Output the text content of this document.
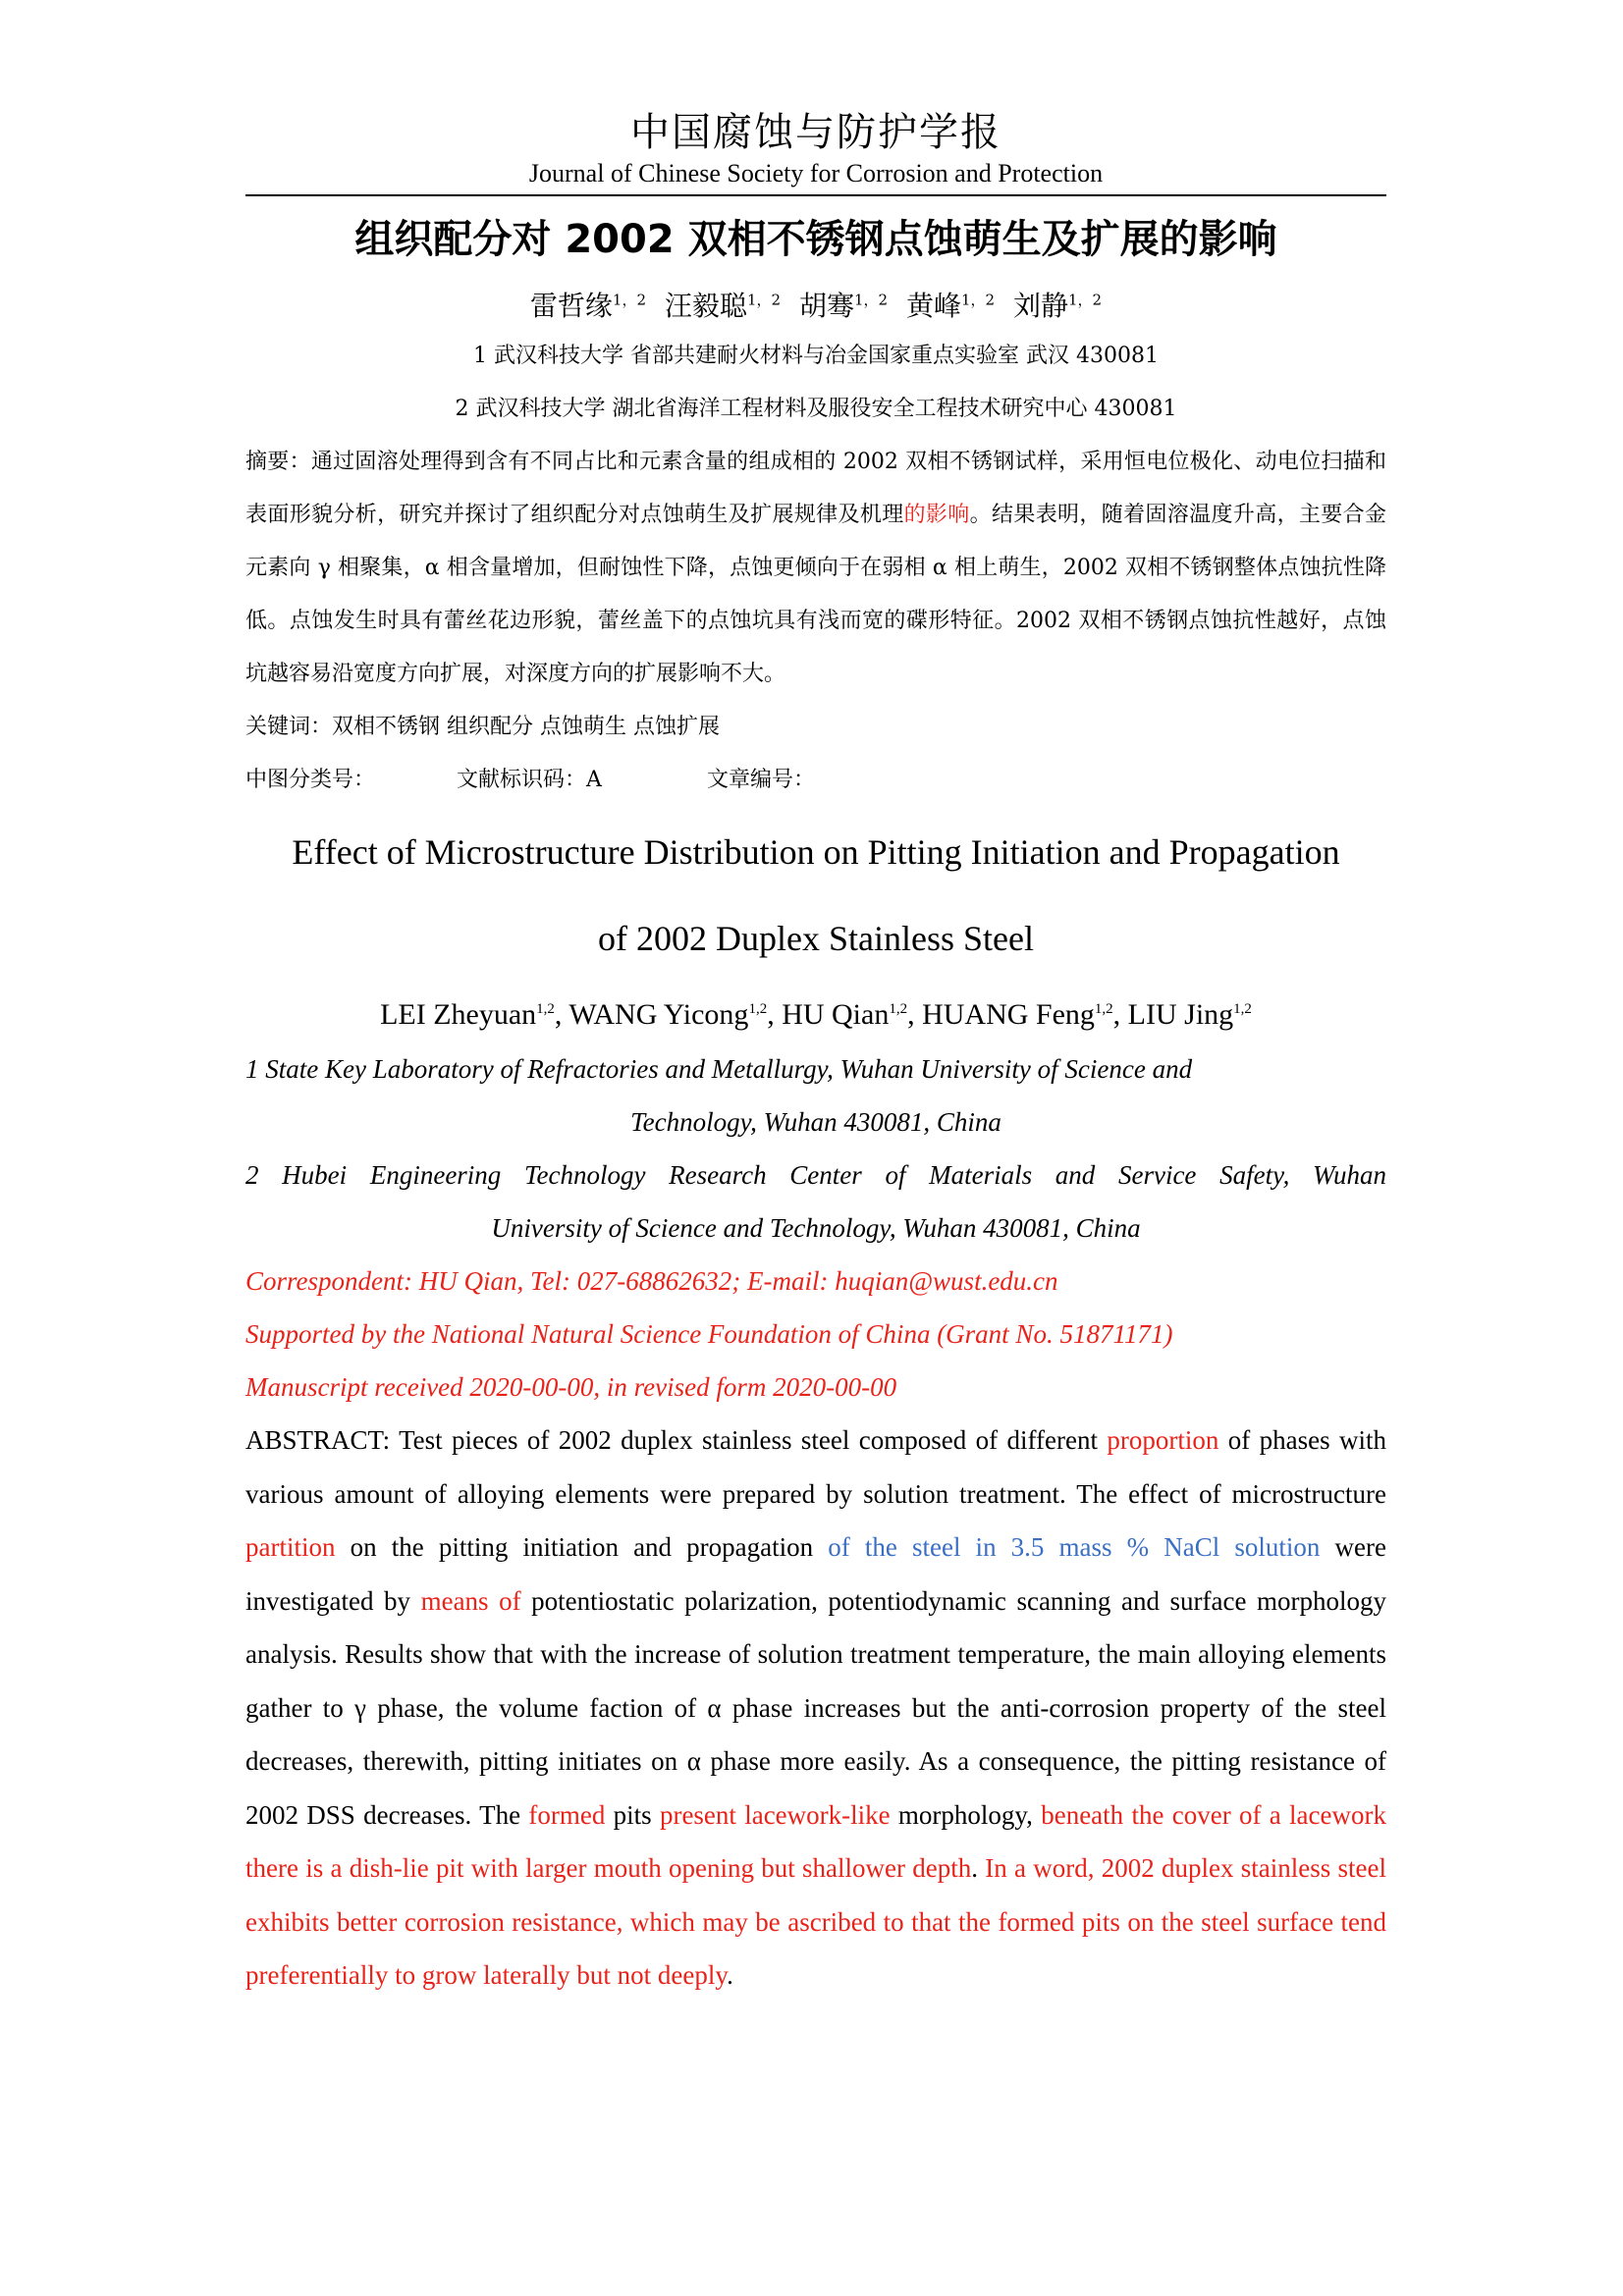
中国腐蚀与防护学报
Journal of Chinese Society for Corrosion and Protection
组织配分对 2002 双相不锈钢点蚀萌生及扩展的影响
雷哲缘$^{1,2}$ 汪毅聪$^{1,2}$ 胡骞$^{1,2}$ 黄峰$^{1,2}$ 刘静$^{1,2}$
1 武汉科技大学 省部共建耐火材料与冶金国家重点实验室 武汉 430081
2 武汉科技大学 湖北省海洋工程材料及服役安全工程技术研究中心 430081
摘要：通过固溶处理得到含有不同占比和元素含量的组成相的 2002 双相不锈钢试样，采用恒电位极化、动电位扫描和表面形貌分析，研究并探讨了组织配分对点蚀萌生及扩展规律及机理的影响。结果表明，随着固溶温度升高，主要合金元素向 γ 相聚集，α 相含量增加，但耐蚀性下降，点蚀更倾向于在弱相 α 相上萌生，2002 双相不锈钢整体点蚀抗性降低。点蚀发生时具有蕾丝花边形貌，蕾丝盖下的点蚀坑具有浅而宽的碟形特征。2002 双相不锈钢点蚀抗性越好，点蚀坑越容易沿宽度方向扩展，对深度方向的扩展影响不大。
关键词：双相不锈钢 组织配分 点蚀萌生 点蚀扩展
中图分类号：	文献标识码：A	文章编号：
Effect of Microstructure Distribution on Pitting Initiation and Propagation
of 2002 Duplex Stainless Steel
LEI Zheyuan$^{1,2}$, WANG Yicong$^{1,2}$, HU Qian$^{1,2}$, HUANG Feng$^{1,2}$, LIU Jing$^{1,2}$
1 State Key Laboratory of Refractories and Metallurgy, Wuhan University of Science and
Technology, Wuhan 430081, China
2 Hubei Engineering Technology Research Center of Materials and Service Safety, Wuhan
University of Science and Technology, Wuhan 430081, China
Correspondent: HU Qian, Tel: 027-68862632; E-mail: huqian@wust.edu.cn
Supported by the National Natural Science Foundation of China (Grant No. 51871171)
Manuscript received 2020-00-00, in revised form 2020-00-00
ABSTRACT: Test pieces of 2002 duplex stainless steel composed of different proportion of phases with various amount of alloying elements were prepared by solution treatment. The effect of microstructure partition on the pitting initiation and propagation of the steel in 3.5 mass % NaCl solution were investigated by means of potentiostatic polarization, potentiodynamic scanning and surface morphology analysis. Results show that with the increase of solution treatment temperature, the main alloying elements gather to γ phase, the volume faction of α phase increases but the anti-corrosion property of the steel decreases, therewith, pitting initiates on α phase more easily. As a consequence, the pitting resistance of 2002 DSS decreases. The formed pits present lacework-like morphology, beneath the cover of a lacework there is a dish-lie pit with larger mouth opening but shallower depth. In a word, 2002 duplex stainless steel exhibits better corrosion resistance, which may be ascribed to that the formed pits on the steel surface tend preferentially to grow laterally but not deeply.
